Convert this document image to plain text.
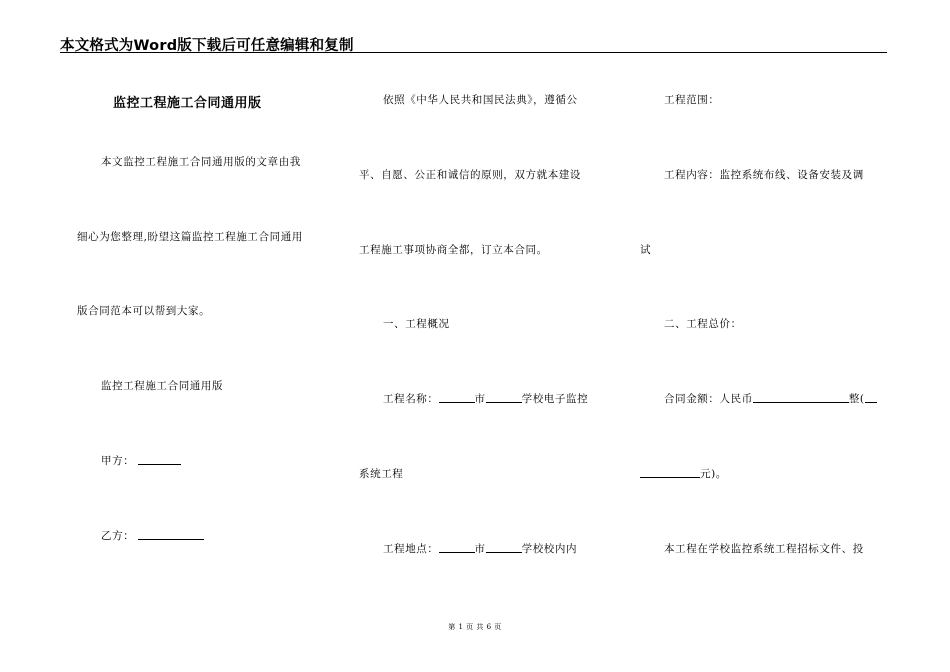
本文格式为Word版下载后可任意编辑和复制
监控工程施工合同通用版
本文监控工程施工合同通用版的文章由我
细心为您整理,盼望这篇监控工程施工合同通用
版合同范本可以帮到大家。
监控工程施工合同通用版
甲方：
乙方：
依照《中华人民共和国民法典》，遵循公
平、自愿、公正和诚信的原则，双方就本建设
工程施工事项协商全都，订立本合同。
一、工程概况
工程名称：	市	学校电子监控
系统工程
工程地点：	市	学校校内内
工程范围：
工程内容：监控系统布线、设备安装及调
试
二、工程总价：
合同金额：人民币	整(
元)。
本工程在学校监控系统工程招标文件、投
第 1 页 共 6 页
